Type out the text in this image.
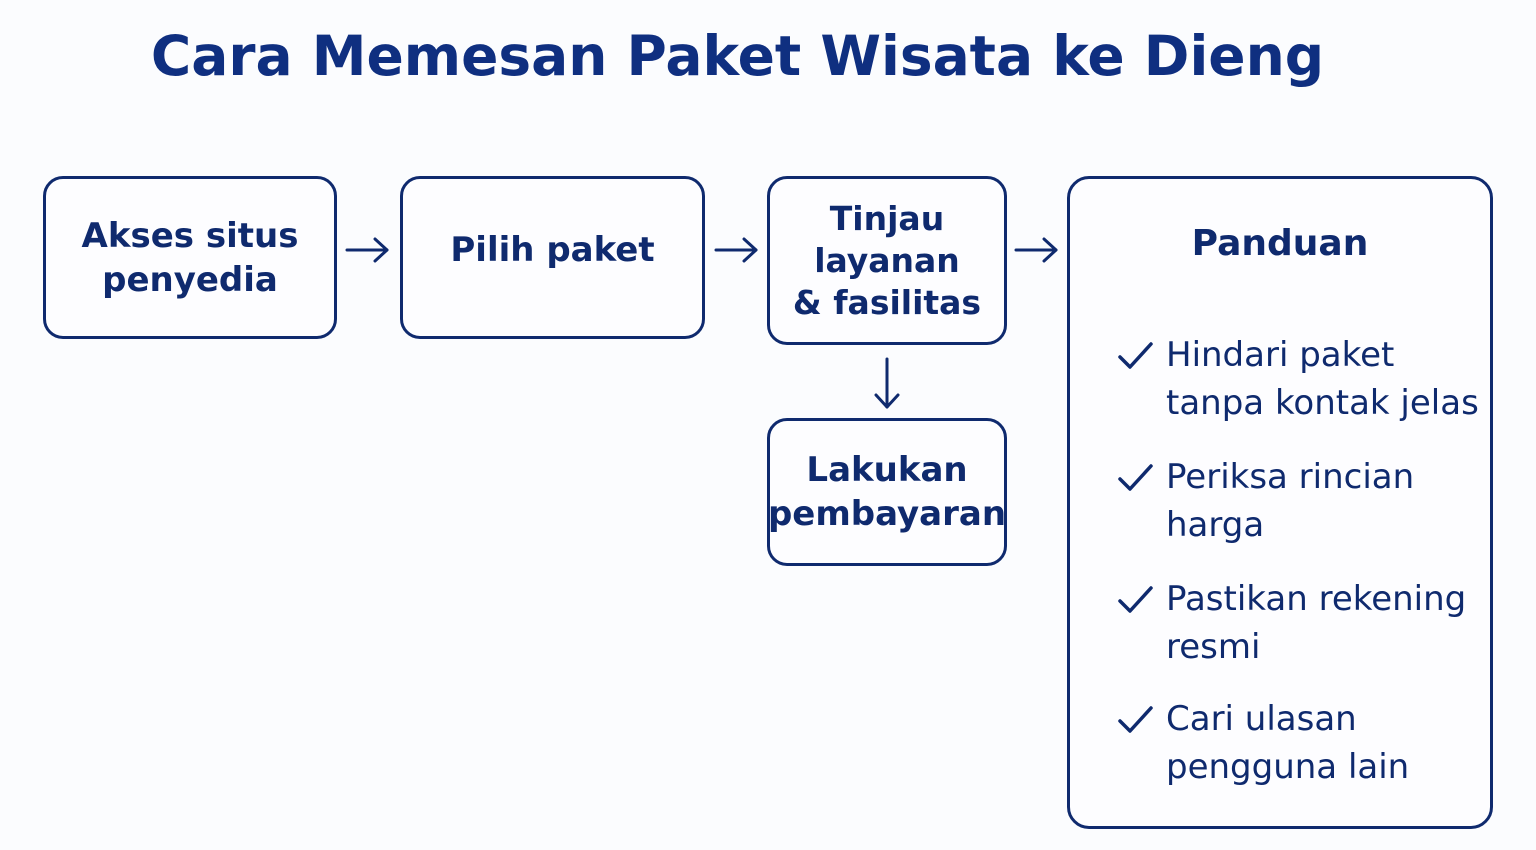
Cara Memesan Paket Wisata ke Dieng
Akses situs
penyedia
Pilih paket
Tinjau
layanan
& fasilitas
Lakukan
pembayaran
Panduan
Hindari paket tanpa kontak jelas
Periksa rincian harga
Pastikan rekening resmi
Cari ulasan pengguna lain
